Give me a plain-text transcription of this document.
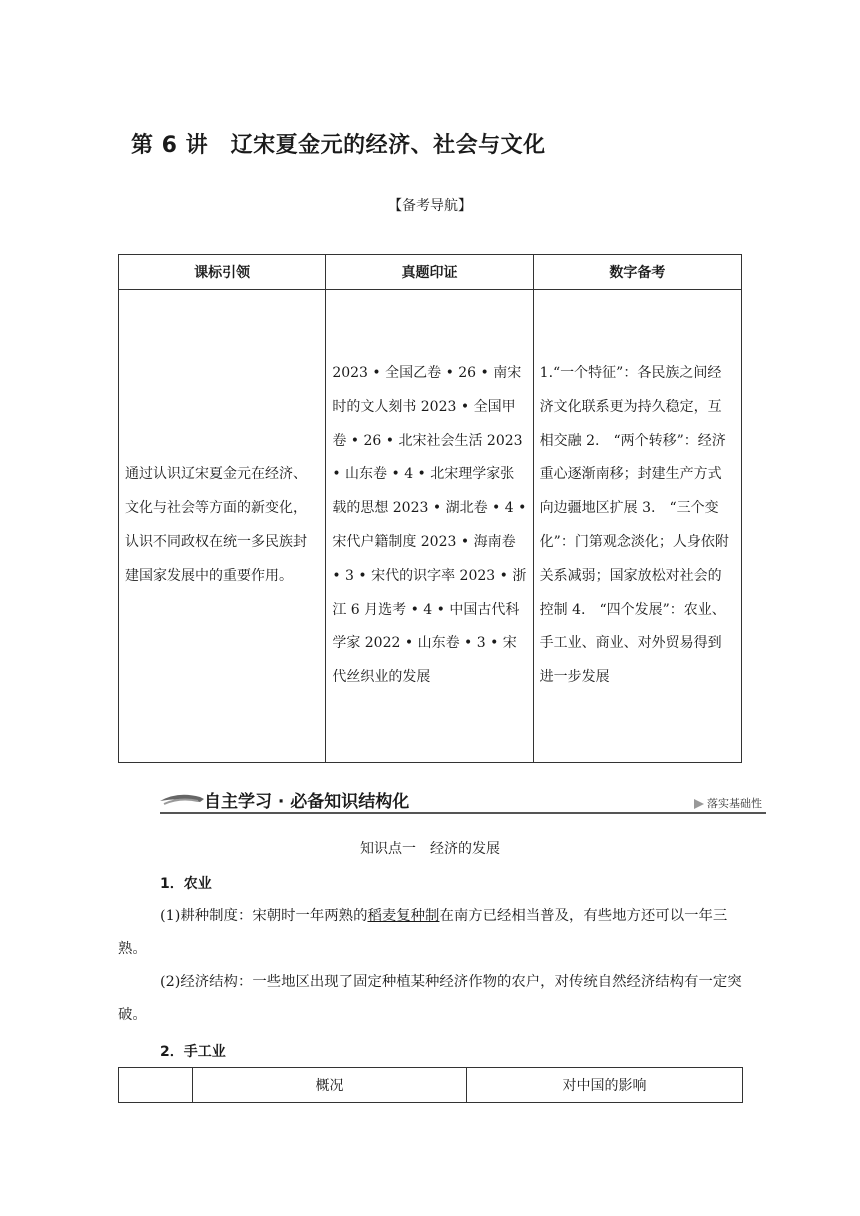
第 6 讲　辽宋夏金元的经济、社会与文化
【备考导航】
课标引领	真题印证	数字备考
通过认识辽宋夏金元在经济、文化与社会等方面的新变化，认识不同政权在统一多民族封建国家发展中的重要作用。	2023 • 全国乙卷 • 26 • 南宋时的文人刻书 2023 • 全国甲卷 • 26 • 北宋社会生活 2023 • 山东卷 • 4 • 北宋理学家张载的思想 2023 • 湖北卷 • 4 • 宋代户籍制度 2023 • 海南卷 • 3 • 宋代的识字率 2023 • 浙江 6 月选考 • 4 • 中国古代科学家 2022 • 山东卷 • 3 • 宋代丝织业的发展	1.“一个特征”：各民族之间经济文化联系更为持久稳定，互相交融 2.　“两个转移”：经济重心逐渐南移；封建生产方式向边疆地区扩展 3.　“三个变化”：门第观念淡化；人身依附关系减弱；国家放松对社会的控制 4.　“四个发展”：农业、手工业、商业、对外贸易得到进一步发展
自主学习 · 必备知识结构化	落实基础性
知识点一　经济的发展
1．农业
(1)耕种制度：宋朝时一年两熟的稻麦复种制在南方已经相当普及，有些地方还可以一年三熟。
(2)经济结构：一些地区出现了固定种植某种经济作物的农户，对传统自然经济结构有一定突破。
2．手工业
	概况	对中国的影响
